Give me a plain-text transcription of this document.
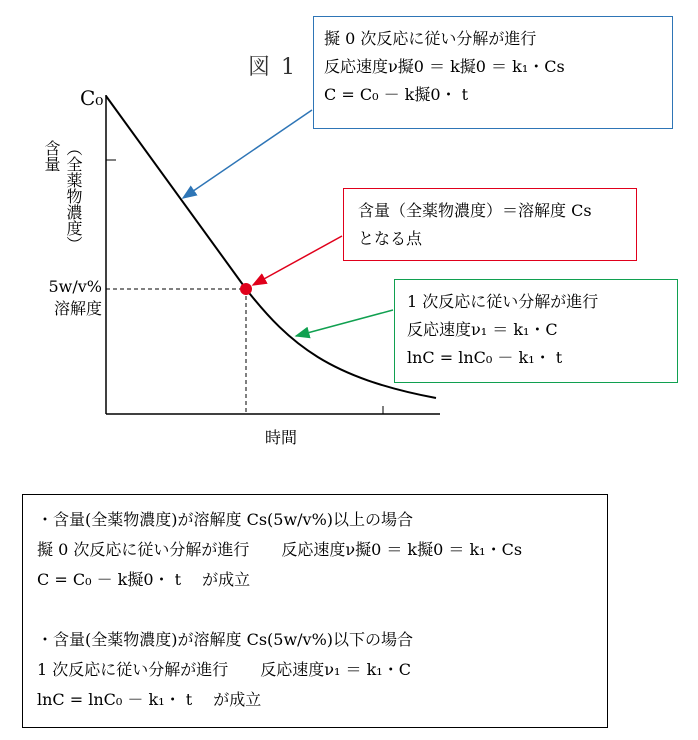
図 1
C₀
含量 （全薬物濃度）
5w/v%
溶解度
時間
擬 0 次反応に従い分解が進行
反応速度ν擬0 ＝ k擬0 ＝ k₁・Cs
C = C₀ － k擬0・ t
含量（全薬物濃度）＝溶解度 Cs
となる点
1 次反応に従い分解が進行
反応速度ν₁ ＝ k₁・C
lnC = lnC₀ － k₁・ t
・含量(全薬物濃度)が溶解度 Cs(5w/v%)以上の場合
擬 0 次反応に従い分解が進行　　反応速度ν擬0 ＝ k擬0 ＝ k₁・Cs
C = C₀ － k擬0・ t　 が成立
・含量(全薬物濃度)が溶解度 Cs(5w/v%)以下の場合
1 次反応に従い分解が進行　　反応速度ν₁ ＝ k₁・C
lnC = lnC₀ － k₁・ t　 が成立
